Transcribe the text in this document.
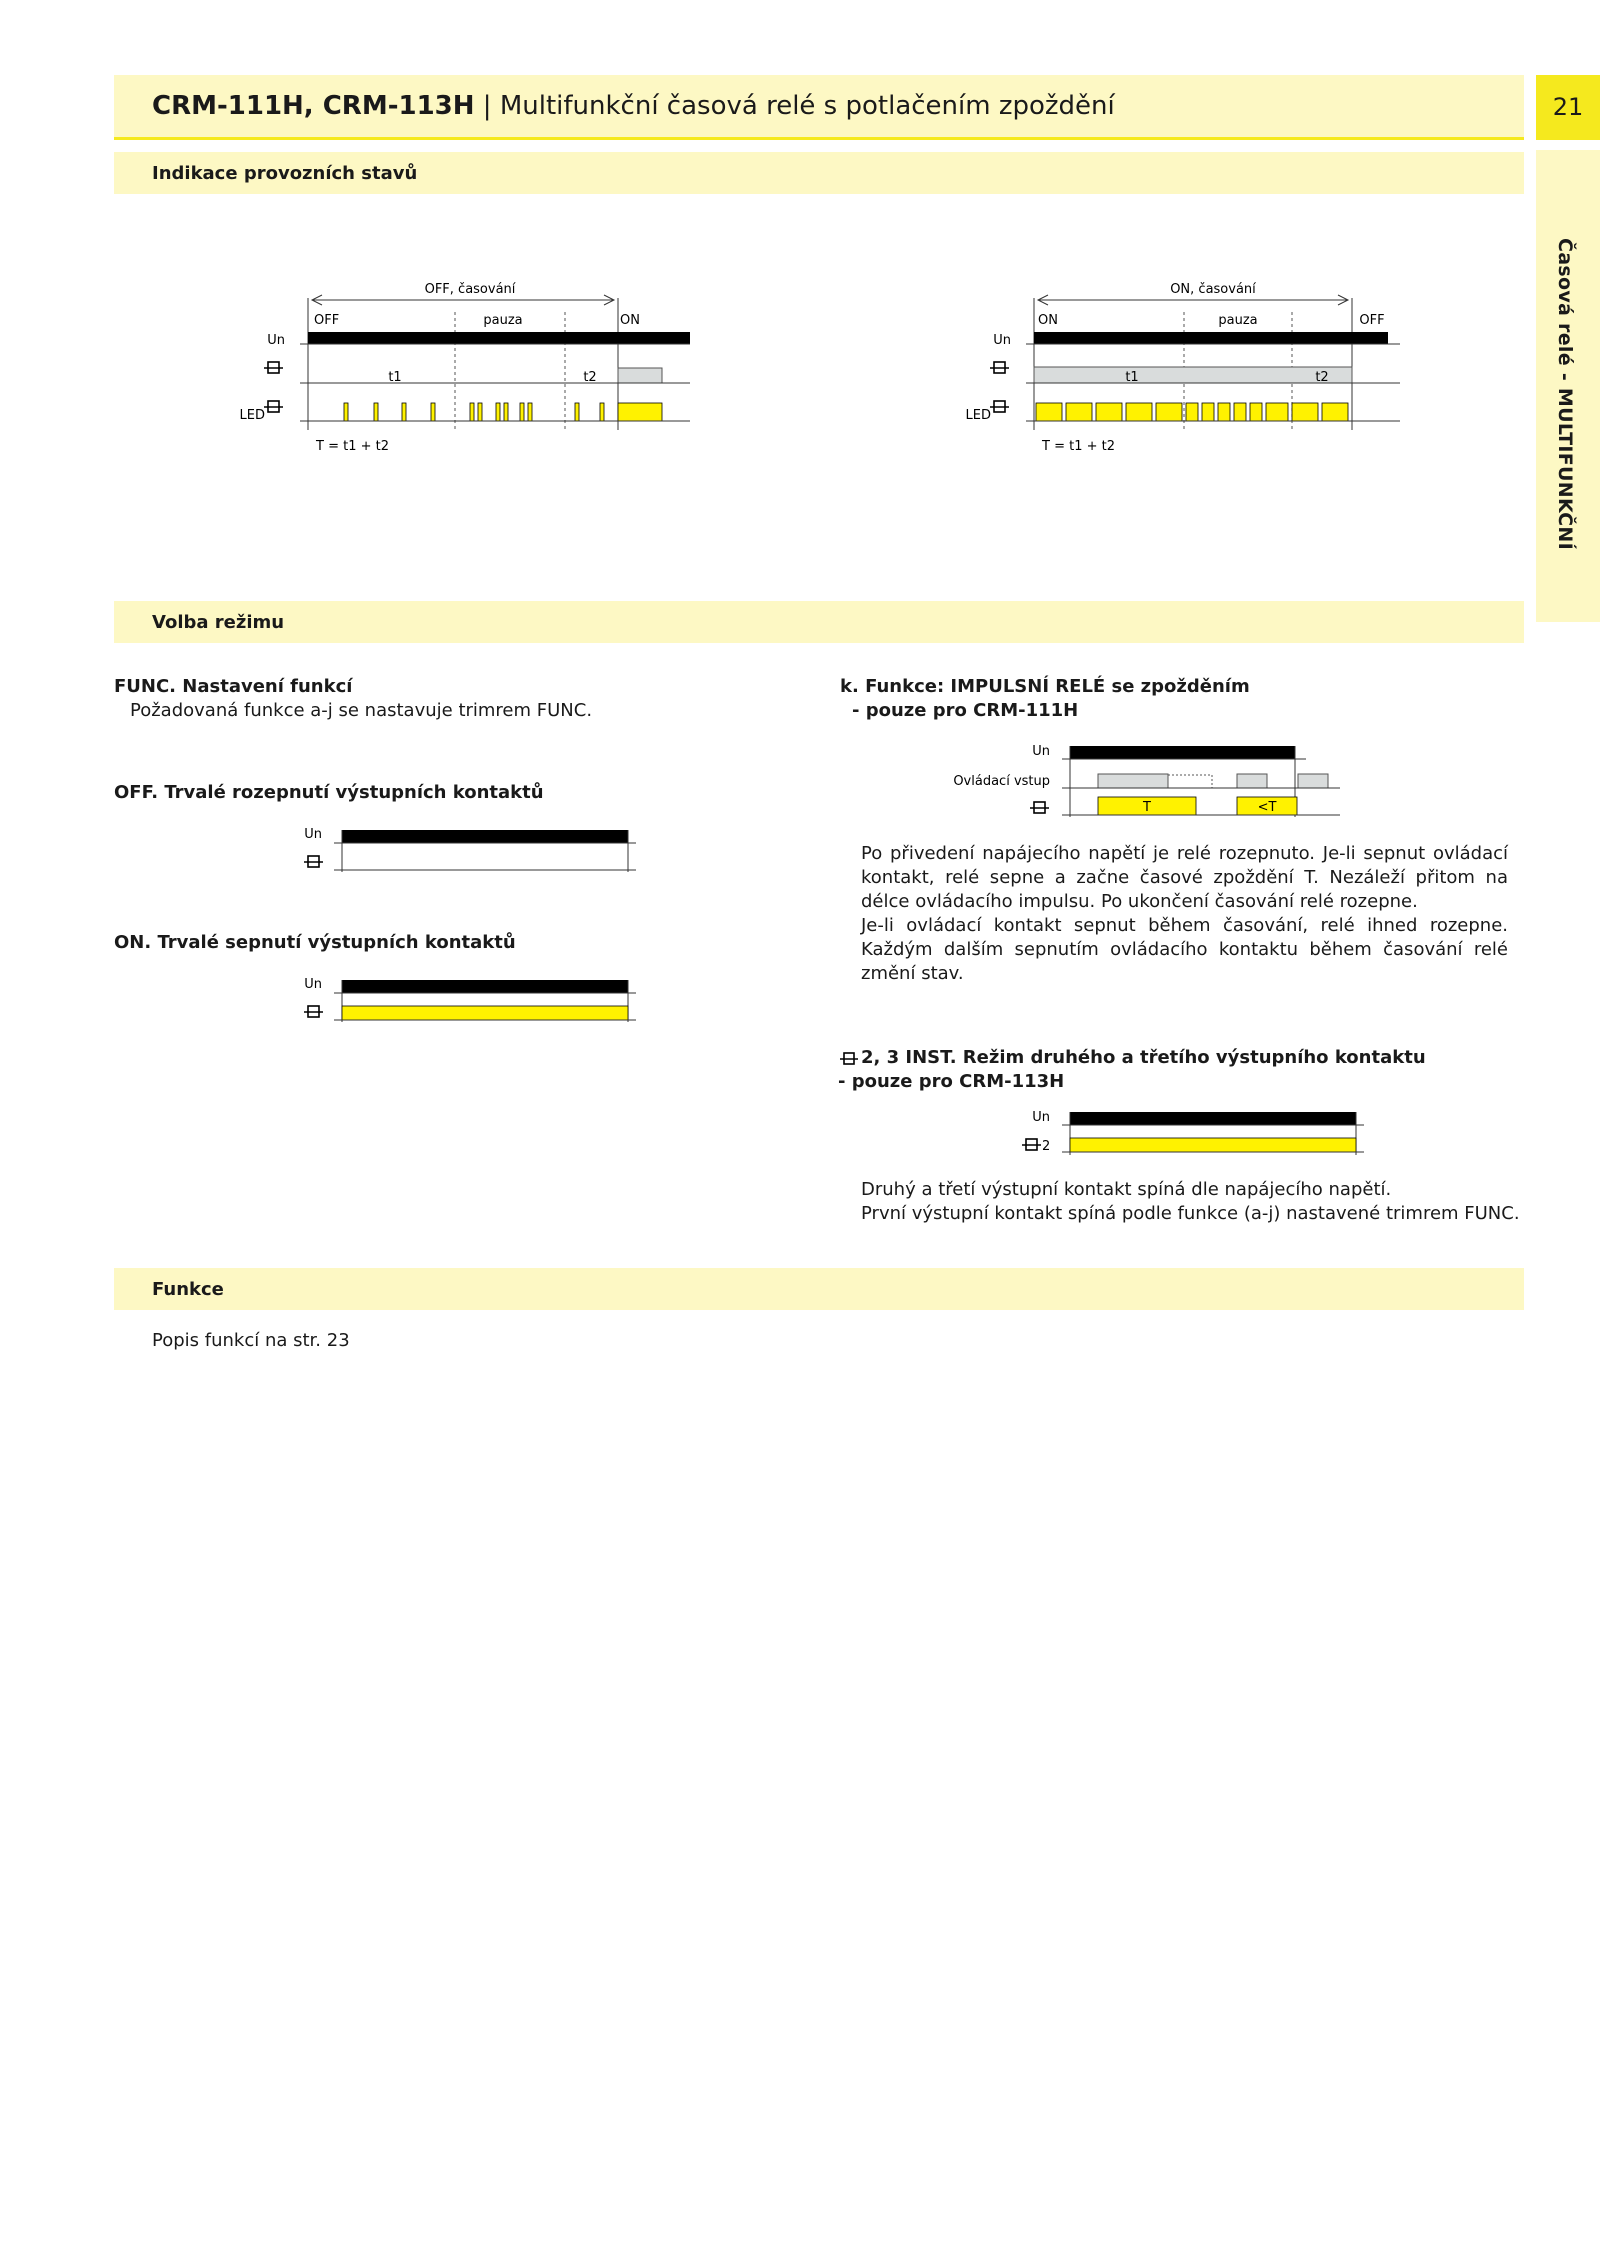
CRM-111H, CRM-113H | Multifunkční časová relé s potlačením zpoždění	21
Časová relé - MULTIFUNKČNÍ
Indikace provozních stavů
OFF, časování
OFF	pauza	ON
Un
t1	t2
LED
T = t1 + t2
ON, časování
ON	pauza	OFF
Un
t1	t2
LED
T = t1 + t2
Volba režimu
FUNC. Nastavení funkcí
Požadovaná funkce a-j se nastavuje trimrem FUNC.
OFF. Trvalé rozepnutí výstupních kontaktů
Un
ON. Trvalé sepnutí výstupních kontaktů
Un
k. Funkce: IMPULSNÍ RELÉ se zpožděním
- pouze pro CRM-111H
Un
Ovládací vstup
T	<T
Po přivedení napájecího napětí je relé rozepnuto. Je-li sepnut ovládací kontakt, relé sepne a začne časové zpoždění T. Nezáleží přitom na délce ovládacího impulsu. Po ukončení časování relé rozepne.
Je-li ovládací kontakt sepnut během časování, relé ihned rozepne. Každým dalším sepnutím ovládacího kontaktu během časování relé změní stav.
2, 3 INST. Režim druhého a třetího výstupního kontaktu
- pouze pro CRM-113H
Un
2
Druhý a třetí výstupní kontakt spíná dle napájecího napětí.
První výstupní kontakt spíná podle funkce (a-j) nastavené trimrem FUNC.
Funkce
Popis funkcí na str. 23
